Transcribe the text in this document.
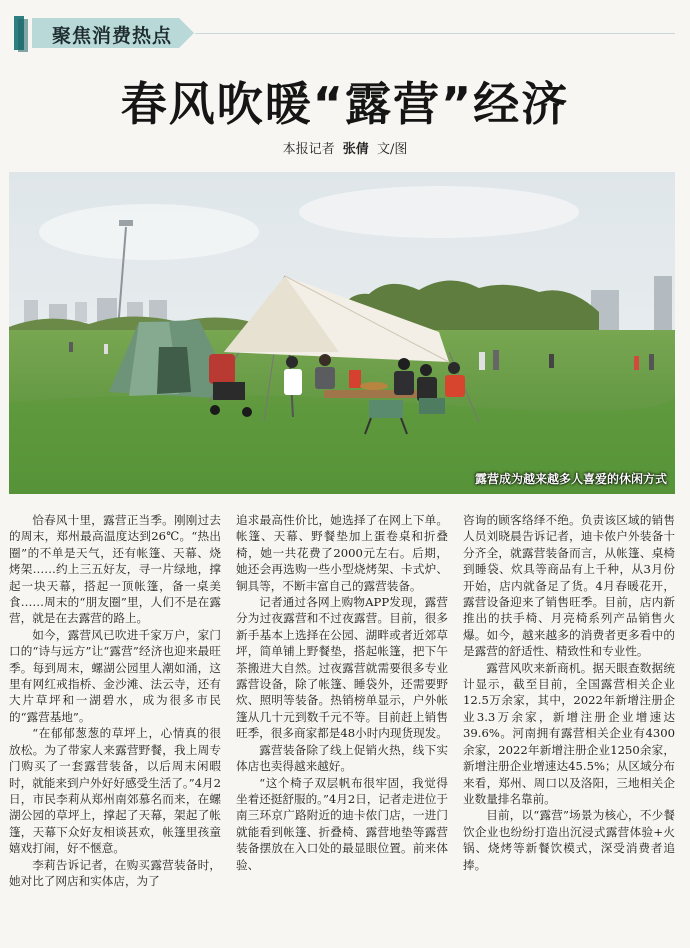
聚焦消费热点
春风吹暖“露营”经济
本报记者 张倩 文/图
露营成为越来越多人喜爱的休闲方式

恰春风十里，露营正当季。刚刚过去的周末，郑州最高温度达到26℃。“热出圈”的不单是天气，还有帐篷、天幕、烧烤架……约上三五好友，寻一片绿地，撑起一块天幕，搭起一顶帐篷，备一桌美食……周末的“朋友圈”里，人们不是在露营，就是在去露营的路上。

如今，露营风已吹进千家万户，家门口的“诗与远方”让“露营”经济也迎来最旺季。每到周末，螺湖公园里人潮如涌，这里有网红戒指桥、金沙滩、法云寺，还有大片草坪和一湖碧水，成为很多市民的“露营基地”。

“在郁郁葱葱的草坪上，心情真的很放松。为了带家人来露营野餐，我上周专门购买了一套露营装备，以后周末闲暇时，就能来到户外好好感受生活了。”4月2日，市民李莉从郑州南郊慕名而来，在螺湖公园的草坪上，撑起了天幕，架起了帐篷，天幕下众好友相谈甚欢，帐篷里孩童嬉戏打闹，好不惬意。

李莉告诉记者，在购买露营装备时，她对比了网店和实体店，为了

追求最高性价比，她选择了在网上下单。帐篷、天幕、野餐垫加上蛋卷桌和折叠椅，她一共花费了2000元左右。后期，她还会再选购一些小型烧烤架、卡式炉、铜具等，不断丰富自己的露营装备。

记者通过各网上购物APP发现，露营分为过夜露营和不过夜露营。目前，很多新手基本上选择在公园、湖畔或者近郊草坪，简单铺上野餐垫，搭起帐篷，把下午茶搬进大自然。过夜露营就需要很多专业露营设备，除了帐篷、睡袋外，还需要野炊、照明等装备。热销榜单显示，户外帐篷从几十元到数千元不等。目前赶上销售旺季，很多商家都是48小时内现货现发。

露营装备除了线上促销火热，线下实体店也卖得越来越好。

“这个椅子双层帆布很牢固，我觉得坐着还挺舒服的。”4月2日，记者走进位于南三环京广路附近的迪卡侬门店，一进门就能看到帐篷、折叠椅、露营地垫等露营装备摆放在入口处的最显眼位置。前来体验、

咨询的顾客络绎不绝。负责该区域的销售人员刘晓晨告诉记者，迪卡侬户外装备十分齐全，就露营装备而言，从帐篷、桌椅到睡袋、炊具等商品有上千种，从3月份开始，店内就备足了货。4月春暖花开，露营设备迎来了销售旺季。目前，店内新推出的扶手椅、月亮椅系列产品销售火爆。如今，越来越多的消费者更多看中的是露营的舒适性、精致性和专业性。

露营风吹来新商机。据天眼查数据统计显示，截至目前，全国露营相关企业12.5万余家，其中，2022年新增注册企业3.3万余家，新增注册企业增速达39.6%。河南拥有露营相关企业有4300余家，2022年新增注册企业1250余家，新增注册企业增速达45.5%；从区域分布来看，郑州、周口以及洛阳，三地相关企业数量排名靠前。

目前，以“露营”场景为核心，不少餐饮企业也纷纷打造出沉浸式露营体验+火锅、烧烤等新餐饮模式，深受消费者追捧。
